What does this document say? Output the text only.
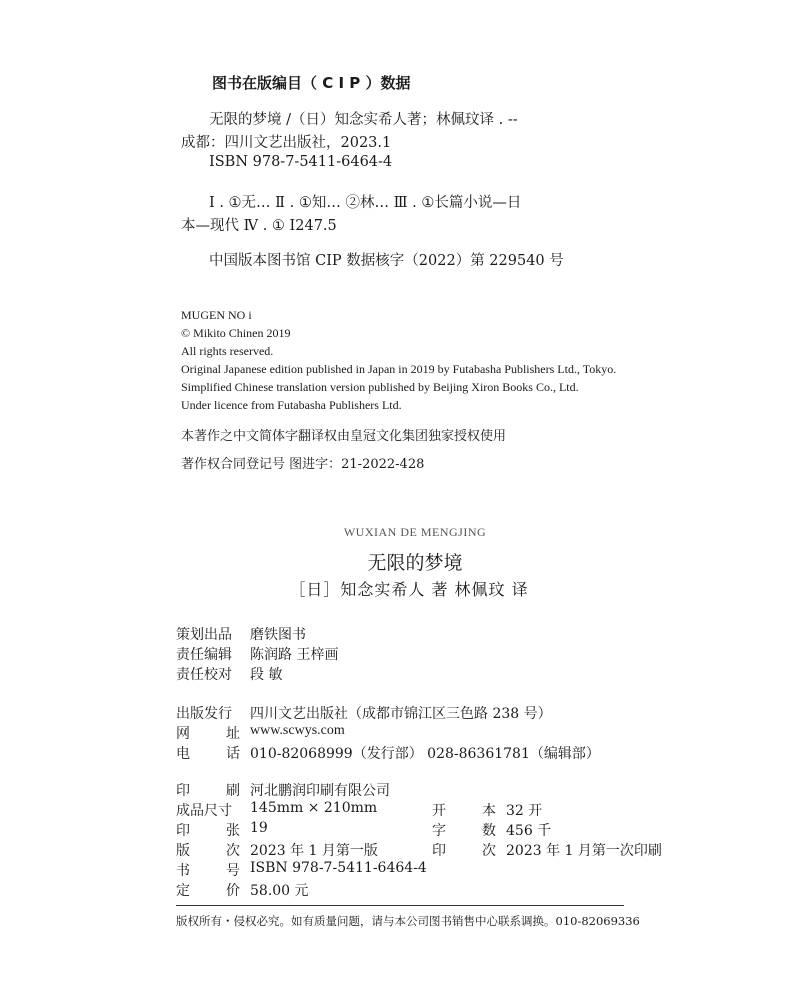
图书在版编目（ C I P ）数据
无限的梦境 /（日）知念实希人著；林佩玟译 . --
成都：四川文艺出版社，2023.1
ISBN 978-7-5411-6464-4
Ⅰ . ①无… Ⅱ . ①知… ②林… Ⅲ . ①长篇小说—日
本—现代 Ⅳ . ① I247.5
中国版本图书馆 CIP 数据核字（2022）第 229540 号
MUGEN NO i
© Mikito Chinen 2019
All rights reserved.
Original Japanese edition published in Japan in 2019 by Futabasha Publishers Ltd., Tokyo.
Simplified Chinese translation version published by Beijing Xiron Books Co., Ltd.
Under licence from Futabasha Publishers Ltd.
本著作之中文简体字翻译权由皇冠文化集团独家授权使用
著作权合同登记号 图进字：21-2022-428
WUXIAN DE MENGJING
无限的梦境
［日］知念实希人 著 林佩玟 译
策划出品	磨铁图书
责任编辑	陈润路 王梓画
责任校对	段 敏
出版发行	四川文艺出版社（成都市锦江区三色路 238 号）
网	址 www.scwys.com
电	话 010-82068999（发行部） 028-86361781（编辑部）
印	刷 河北鹏润印刷有限公司
成品尺寸	145mm × 210mm	开	本 32 开
印	张 19	字	数 456 千
版	次 2023 年 1 月第一版	印	次 2023 年 1 月第一次印刷
书	号 ISBN 978-7-5411-6464-4
定	价 58.00 元
版权所有・侵权必究。如有质量问题，请与本公司图书销售中心联系调换。010-82069336
